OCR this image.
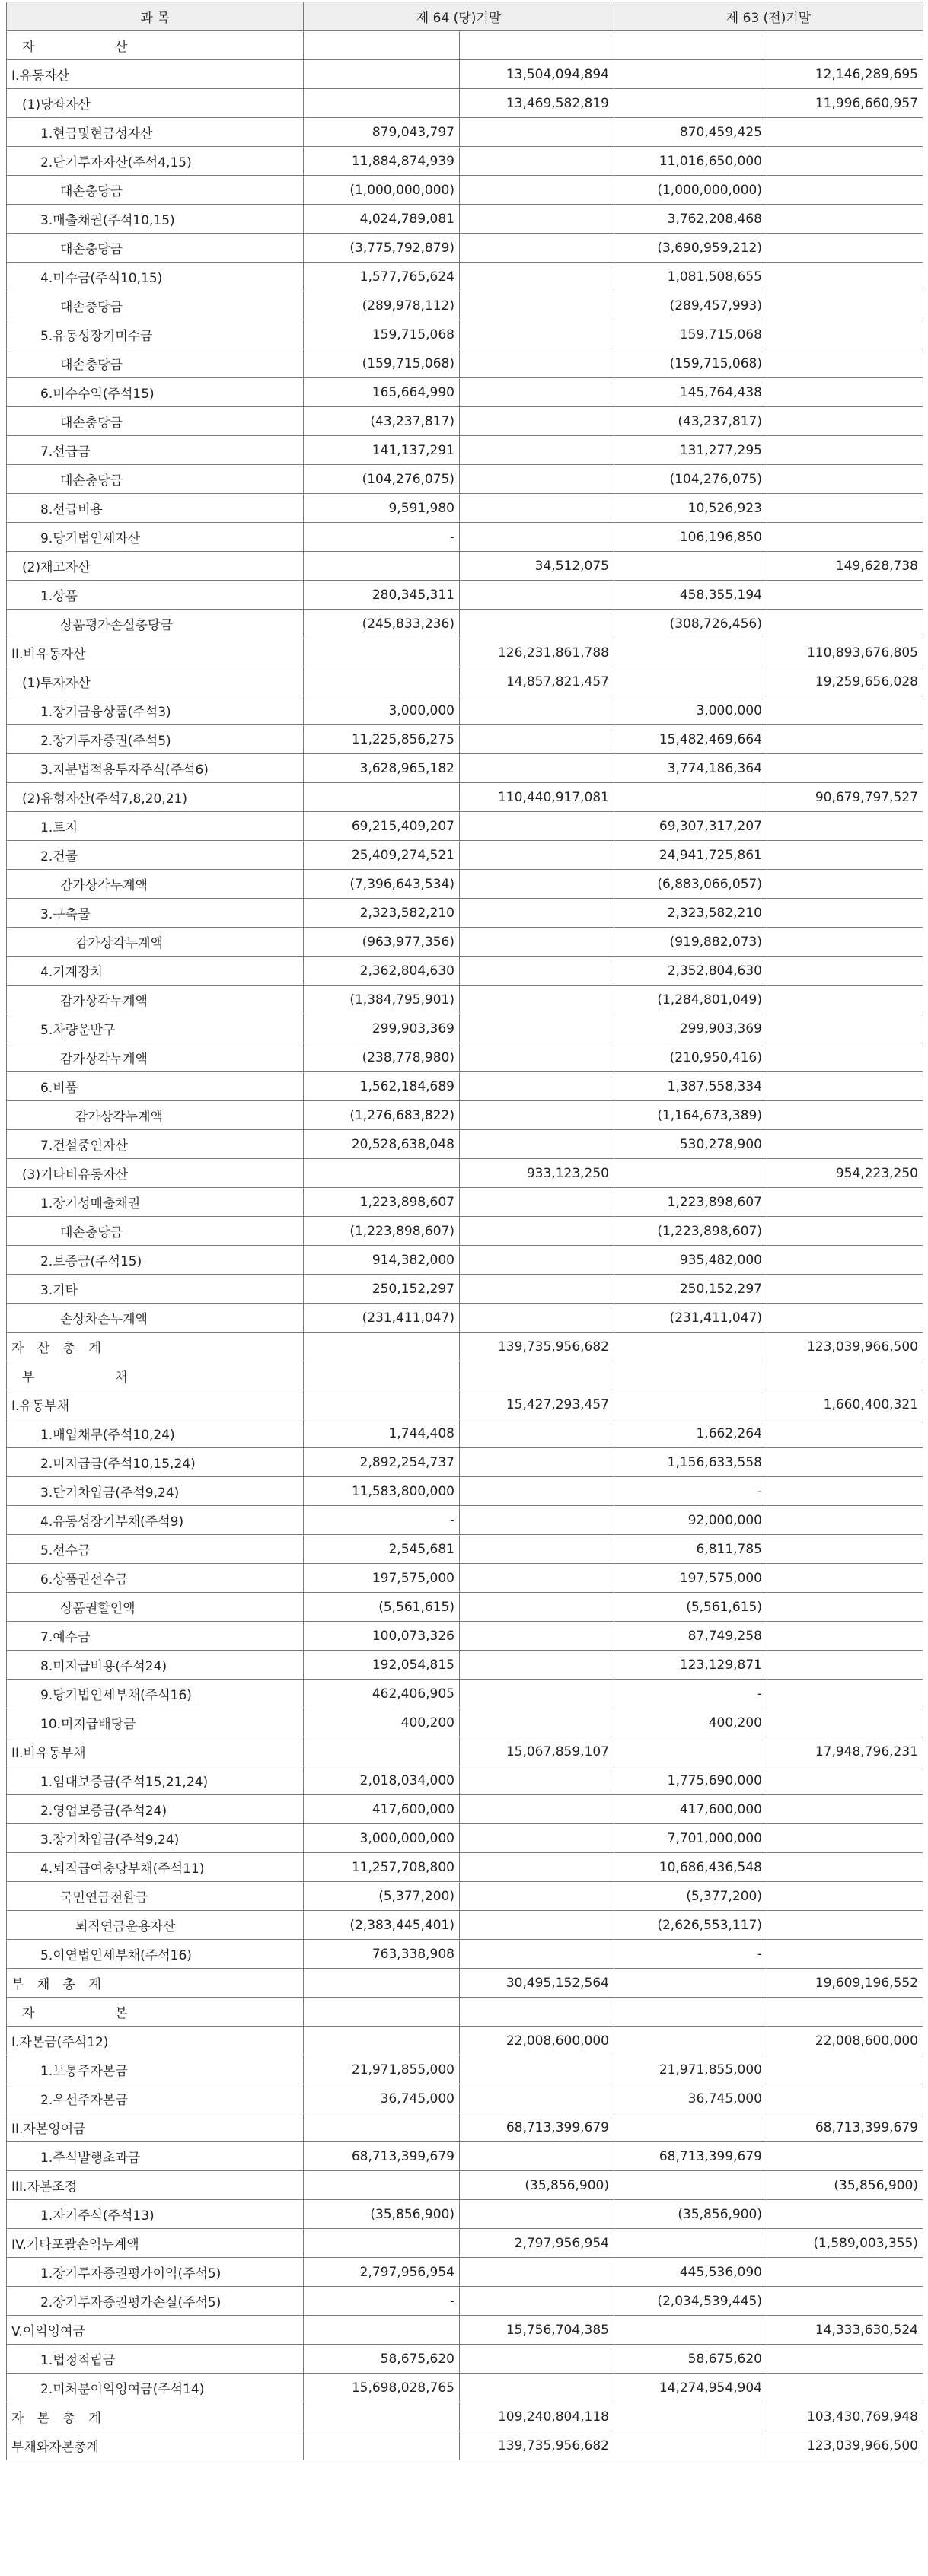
과 목	제 64 (당)기말		제 63 (전)기말	
자 산				
I.유동자산		13,504,094,894		12,146,289,695
(1)당좌자산		13,469,582,819		11,996,660,957
1.현금및현금성자산	879,043,797		870,459,425	
2.단기투자자산(주석4,15)	11,884,874,939		11,016,650,000	
대손충당금	(1,000,000,000)		(1,000,000,000)	
3.매출채권(주석10,15)	4,024,789,081		3,762,208,468	
대손충당금	(3,775,792,879)		(3,690,959,212)	
4.미수금(주석10,15)	1,577,765,624		1,081,508,655	
대손충당금	(289,978,112)		(289,457,993)	
5.유동성장기미수금	159,715,068		159,715,068	
대손충당금	(159,715,068)		(159,715,068)	
6.미수수익(주석15)	165,664,990		145,764,438	
대손충당금	(43,237,817)		(43,237,817)	
7.선급금	141,137,291		131,277,295	
대손충당금	(104,276,075)		(104,276,075)	
8.선급비용	9,591,980		10,526,923	
9.당기법인세자산	-		106,196,850	
(2)재고자산		34,512,075		149,628,738
1.상품	280,345,311		458,355,194	
상품평가손실충당금	(245,833,236)		(308,726,456)	
II.비유동자산		126,231,861,788		110,893,676,805
(1)투자자산		14,857,821,457		19,259,656,028
1.장기금융상품(주석3)	3,000,000		3,000,000	
2.장기투자증권(주석5)	11,225,856,275		15,482,469,664	
3.지분법적용투자주식(주석6)	3,628,965,182		3,774,186,364	
(2)유형자산(주석7,8,20,21)		110,440,917,081		90,679,797,527
1.토지	69,215,409,207		69,307,317,207	
2.건물	25,409,274,521		24,941,725,861	
감가상각누계액	(7,396,643,534)		(6,883,066,057)	
3.구축물	2,323,582,210		2,323,582,210	
감가상각누계액	(963,977,356)		(919,882,073)	
4.기계장치	2,362,804,630		2,352,804,630	
감가상각누계액	(1,384,795,901)		(1,284,801,049)	
5.차량운반구	299,903,369		299,903,369	
감가상각누계액	(238,778,980)		(210,950,416)	
6.비품	1,562,184,689		1,387,558,334	
감가상각누계액	(1,276,683,822)		(1,164,673,389)	
7.건설중인자산	20,528,638,048		530,278,900	
(3)기타비유동자산		933,123,250		954,223,250
1.장기성매출채권	1,223,898,607		1,223,898,607	
대손충당금	(1,223,898,607)		(1,223,898,607)	
2.보증금(주석15)	914,382,000		935,482,000	
3.기타	250,152,297		250,152,297	
손상차손누계액	(231,411,047)		(231,411,047)	
자 산 총 계		139,735,956,682		123,039,966,500
부 채				
I.유동부채		15,427,293,457		1,660,400,321
1.매입채무(주석10,24)	1,744,408		1,662,264	
2.미지급금(주석10,15,24)	2,892,254,737		1,156,633,558	
3.단기차입금(주석9,24)	11,583,800,000		-	
4.유동성장기부채(주석9)	-		92,000,000	
5.선수금	2,545,681		6,811,785	
6.상품권선수금	197,575,000		197,575,000	
상품권할인액	(5,561,615)		(5,561,615)	
7.예수금	100,073,326		87,749,258	
8.미지급비용(주석24)	192,054,815		123,129,871	
9.당기법인세부채(주석16)	462,406,905		-	
10.미지급배당금	400,200		400,200	
II.비유동부채		15,067,859,107		17,948,796,231
1.임대보증금(주석15,21,24)	2,018,034,000		1,775,690,000	
2.영업보증금(주석24)	417,600,000		417,600,000	
3.장기차입금(주석9,24)	3,000,000,000		7,701,000,000	
4.퇴직급여충당부채(주석11)	11,257,708,800		10,686,436,548	
국민연금전환금	(5,377,200)		(5,377,200)	
퇴직연금운용자산	(2,383,445,401)		(2,626,553,117)	
5.이연법인세부채(주석16)	763,338,908		-	
부 채 총 계		30,495,152,564		19,609,196,552
자 본				
I.자본금(주석12)		22,008,600,000		22,008,600,000
1.보통주자본금	21,971,855,000		21,971,855,000	
2.우선주자본금	36,745,000		36,745,000	
II.자본잉여금		68,713,399,679		68,713,399,679
1.주식발행초과금	68,713,399,679		68,713,399,679	
III.자본조정		(35,856,900)		(35,856,900)
1.자기주식(주석13)	(35,856,900)		(35,856,900)	
IV.기타포괄손익누계액		2,797,956,954		(1,589,003,355)
1.장기투자증권평가이익(주석5)	2,797,956,954		445,536,090	
2.장기투자증권평가손실(주석5)	-		(2,034,539,445)	
V.이익잉여금		15,756,704,385		14,333,630,524
1.법정적립금	58,675,620		58,675,620	
2.미처분이익잉여금(주석14)	15,698,028,765		14,274,954,904	
자 본 총 계		109,240,804,118		103,430,769,948
부채와자본총계		139,735,956,682		123,039,966,500
